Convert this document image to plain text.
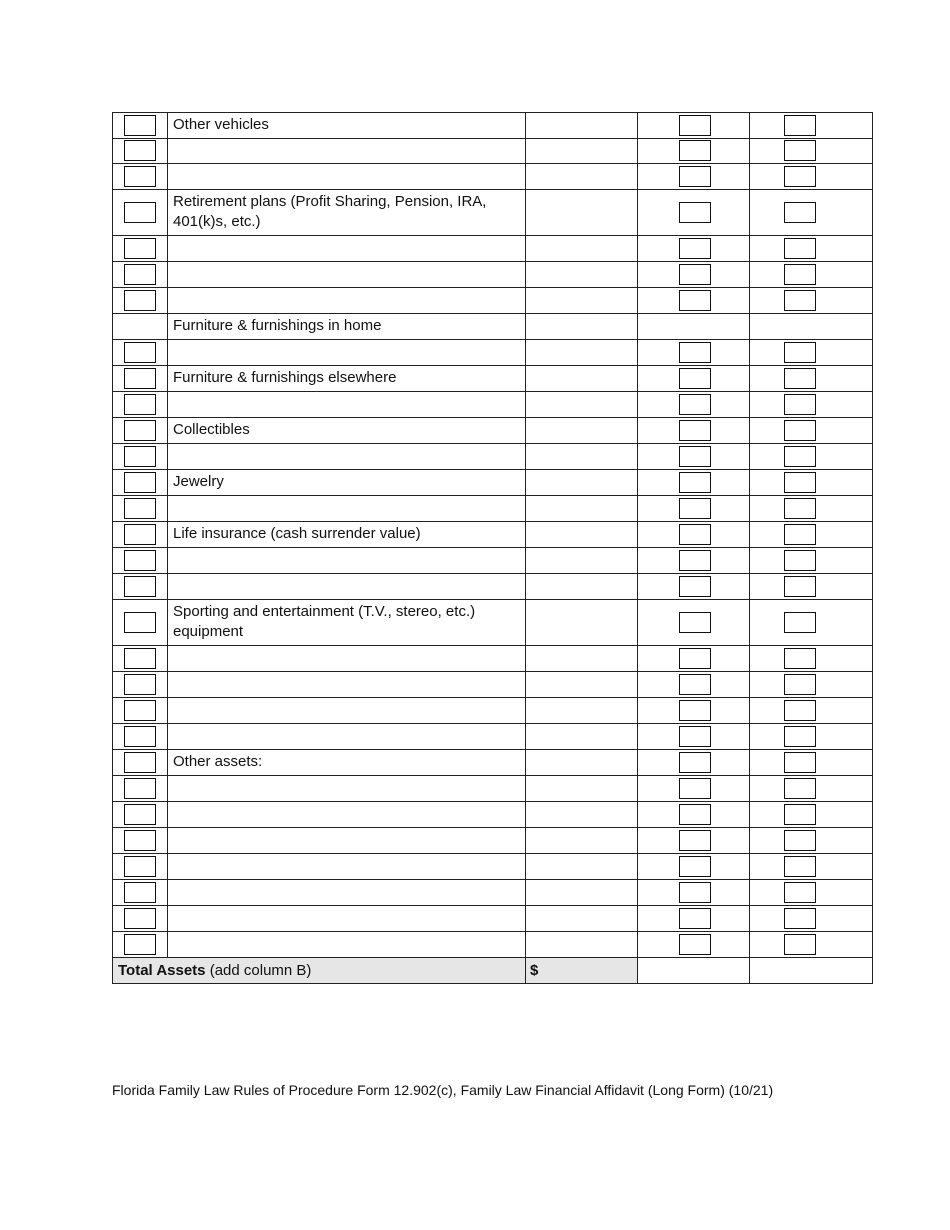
Other vehicles
Retirement plans (Profit Sharing, Pension, IRA, 401(k)s, etc.)
Furniture & furnishings in home
Furniture & furnishings elsewhere
Collectibles
Jewelry
Life insurance (cash surrender value)
Sporting and entertainment (T.V., stereo, etc.) equipment
Other assets:
Total Assets (add column B)	$
Florida Family Law Rules of Procedure Form 12.902(c), Family Law Financial Affidavit (Long Form) (10/21)
